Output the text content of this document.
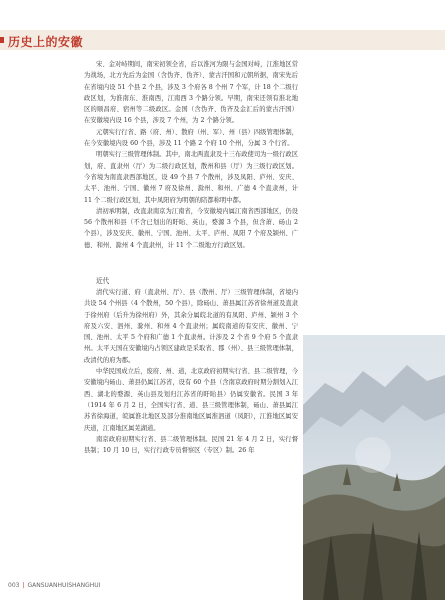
历史上的安徽

宋、金对峙期间，南宋初领全省，后以淮河为限与金国对峙，江淮地区常为战场，北方先后为金国（含伪齐、伪齐）、蒙古汗国和元朝所据，南宋先后在省境内设 51 个县 2 个县，涉及 3 个府各 8 个州 7 个军，计 18 个二级行政区划，为淮南东、淮南西，江南西 3 个路分领。早期，南宋还领有淮北地区的顺昌府、宿州等二级政区。金国（含伪齐、伪齐及金汇后的蒙古汗国）在安徽境内设 16 个县，涉及 7 个州，为 2 个路分领。

元朝实行行省、路（府、州）、散府（州、军）、州（县）四级管理体制，在今安徽境内设 60 个县，涉及 11 个路 2 个府 10 个州，分属 3 个行省。

明朝实行三级管理体制。其中，南北两直隶及十三布政使司为一级行政区划，府、直隶州（厅）为二级行政区划，散州和县（厅）为三级行政区划。今省境为南直隶西部地区，设 49 个县 7 个散州，涉及凤阳、庐州、安庆、太平、池州、宁国、徽州 7 府及徐州、滁州、和州、广德 4 个直隶州，计 11 个二级行政区划，其中凤阳府为明朝的陪都称明中都。

清初承明制，改直隶南京为江南省，今安徽境内属江南省西部地区，仍设 56 个散州和县（不含已划出的盱眙、英山，婺源 3 个县，但含萧、砀山 2 个县），涉及安庆、徽州、宁国、池州、太平、庐州、凤阳 7 个府及颍州、广德、和州、滁州 4 个直隶州，计 11 个二级地方行政区划。

近代

清代实行道、府（直隶州、厅）、县（散州、厅）三级管理体制，省境内共设 54 个州县（4 个散州，50 个县），除砀山、萧县属江苏省徐州道及直隶于徐州府（后升为徐州府）外，其余分属皖北道的有凤阳、庐州、颍州 3 个府及六安、泗州、滁州、和州 4 个直隶州；属皖南道的有安庆、徽州、宁国、池州、太平 5 个府和广德 1 个直隶州。计涉及 2 个省 9 个府 5 个直隶州。太平天国在安徽境内占领区建政是采取省、郡（州）、县三级管理体制，改清代的府为郡。

中华民国成立后，废府、州、道，北京政府初期实行省、县二级管理，今安徽境内砀山、萧县仍属江苏省，设有 60 个县（含南京政府时期分割划入江西、湖北的婺源、英山县及划归江苏省的盱眙县）仍属安徽省。民国 3 年（1914 年 6 月 2 日，全国实行省、道、县三级管理体制，砀山、萧县属江苏省徐海道，皖属淮北地区及部分淮南地区属淮泗道（凤阳），江淮地区属安庆道，江南地区属芜湖道。

南京政府初期实行省、县二级管理体制。民国 21 年 4 月 2 日，实行督县制；10 月 10 日，实行行政专员督察区（专区）制。26 年

003 | GANSUANHUISHANGHUI
